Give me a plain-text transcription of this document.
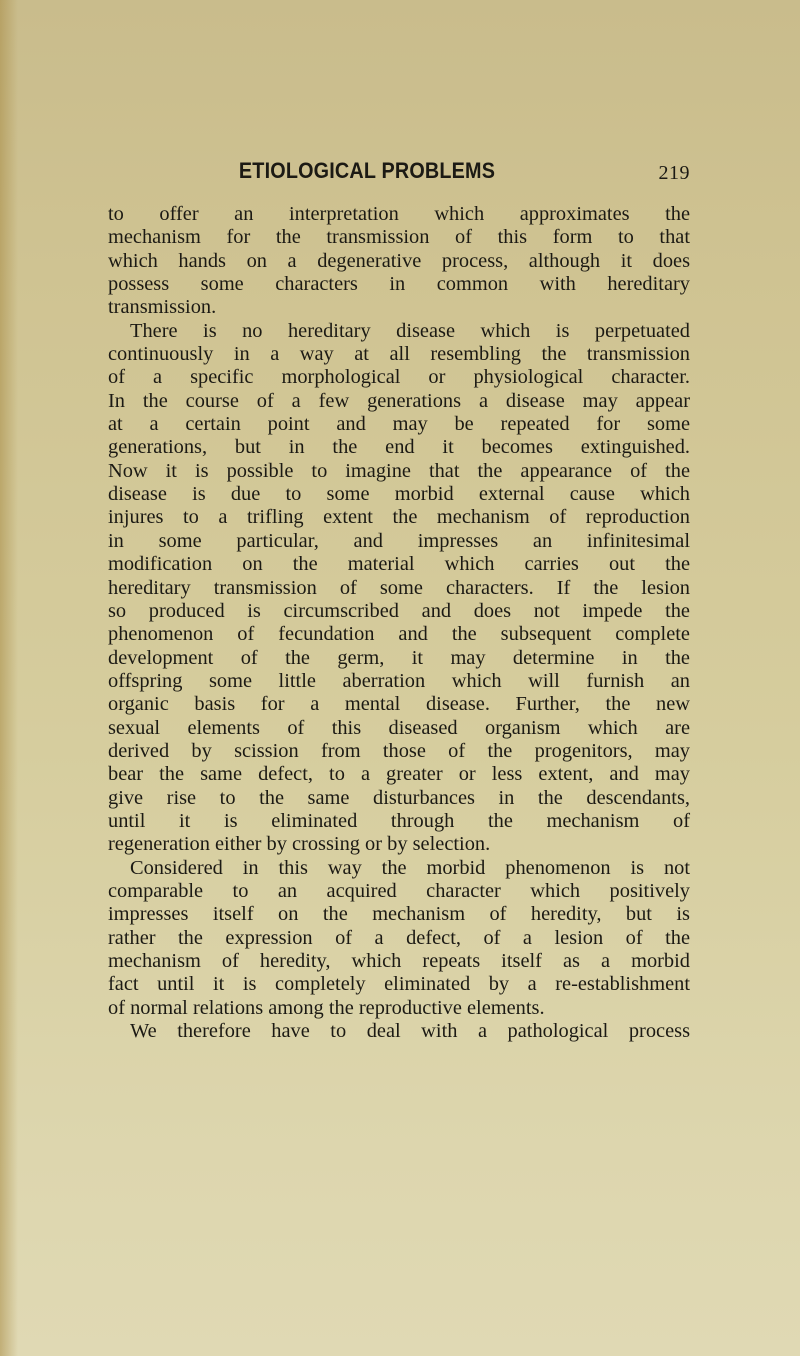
ETIOLOGICAL PROBLEMS	219
to offer an interpretation which approximates the
mechanism for the transmission of this form to that
which hands on a degenerative process, although it does
possess some characters in common with hereditary
transmission.
There is no hereditary disease which is perpetuated
continuously in a way at all resembling the transmission
of a specific morphological or physiological character.
In the course of a few generations a disease may appear
at a certain point and may be repeated for some
generations, but in the end it becomes extinguished.
Now it is possible to imagine that the appearance of the
disease is due to some morbid external cause which
injures to a trifling extent the mechanism of reproduction
in some particular, and impresses an infinitesimal
modification on the material which carries out the
hereditary transmission of some characters. If the lesion
so produced is circumscribed and does not impede the
phenomenon of fecundation and the subsequent complete
development of the germ, it may determine in the
offspring some little aberration which will furnish an
organic basis for a mental disease. Further, the new
sexual elements of this diseased organism which are
derived by scission from those of the progenitors, may
bear the same defect, to a greater or less extent, and may
give rise to the same disturbances in the descendants,
until it is eliminated through the mechanism of
regeneration either by crossing or by selection.
Considered in this way the morbid phenomenon is not
comparable to an acquired character which positively
impresses itself on the mechanism of heredity, but is
rather the expression of a defect, of a lesion of the
mechanism of heredity, which repeats itself as a morbid
fact until it is completely eliminated by a re-establishment
of normal relations among the reproductive elements.
We therefore have to deal with a pathological process
